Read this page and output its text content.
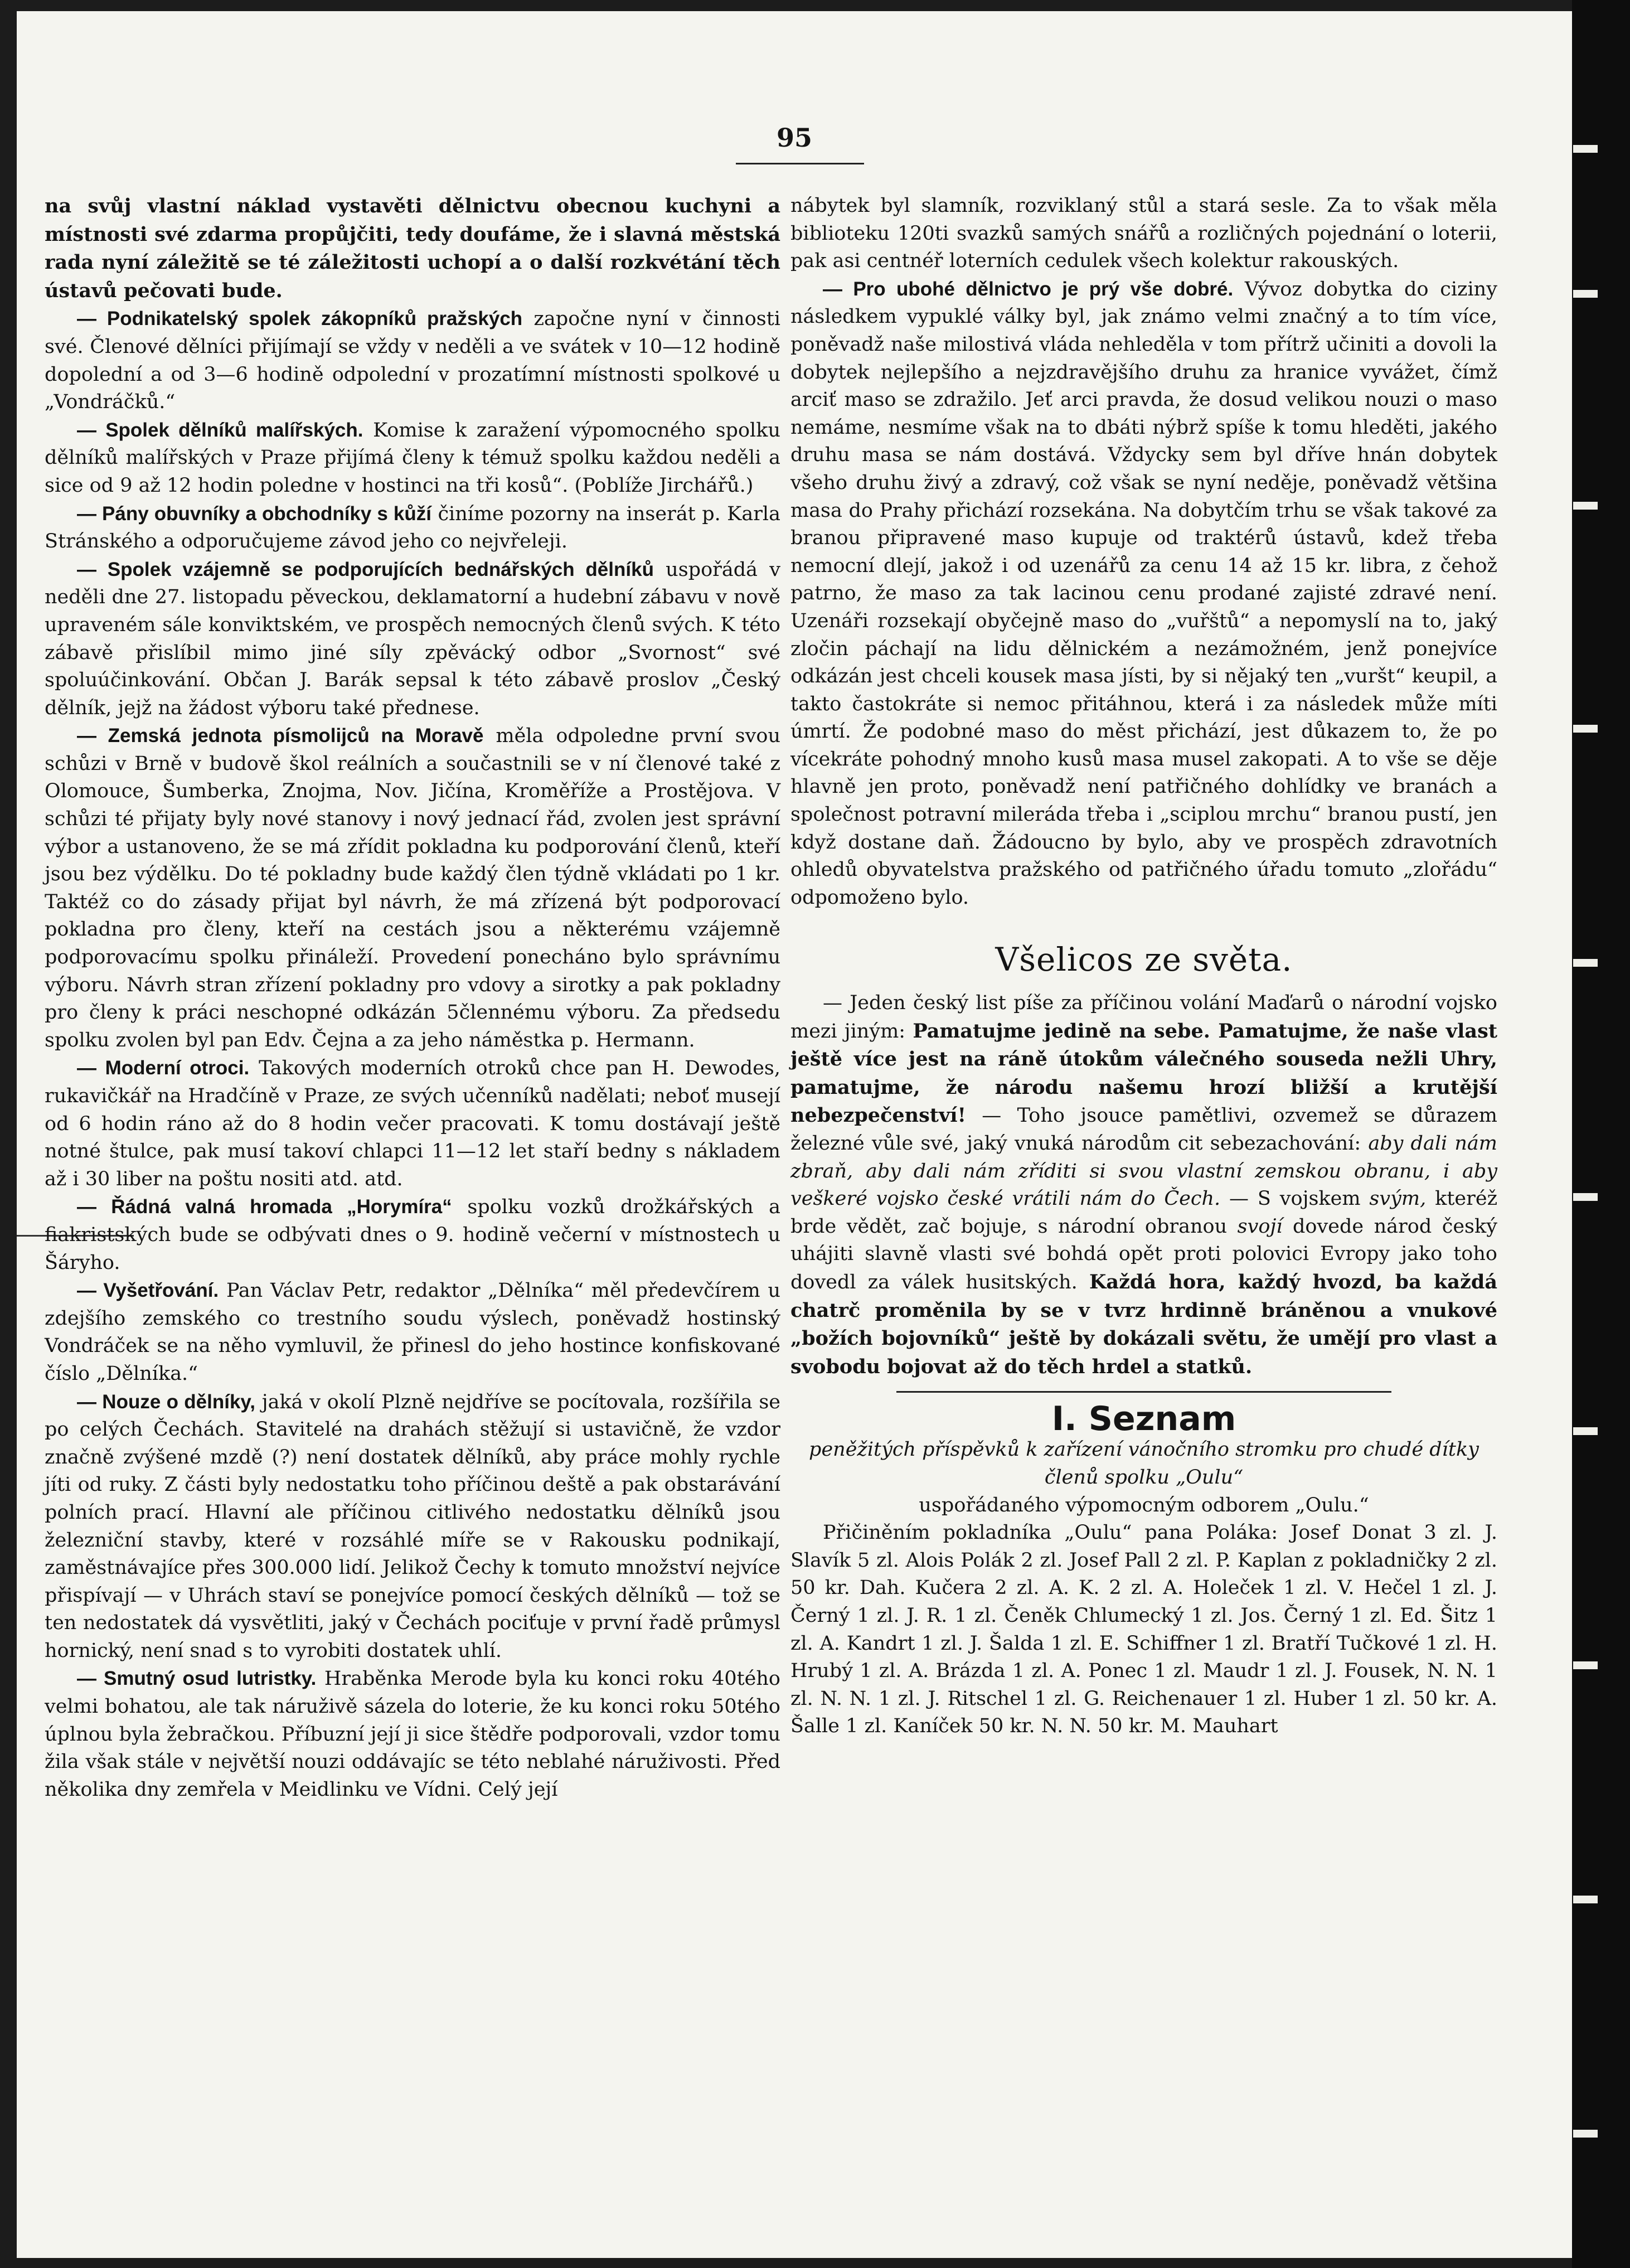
95

na svůj vlastní náklad vystavěti dělnictvu obecnou kuchyni a místnosti své zdarma propůjčiti, tedy doufáme, že i slavná městská rada nyní záležitě se té záležitosti uchopí a o další rozkvétání těch ústavů pečovati bude.

— Podnikatelský spolek zákopníků pražských započne nyní v činnosti své. Členové dělníci přijímají se vždy v neděli a ve svátek v 10—12 hodině dopolední a od 3—6 hodině odpolední v prozatímní místnosti spolkové u „Vondráčků.“

— Spolek dělníků malířských. Komise k zaražení výpomocného spolku dělníků malířských v Praze přijímá členy k témuž spolku každou neděli a sice od 9 až 12 hodin poledne v hostinci na tři kosů“. (Poblíže Jirchářů.)

— Pány obuvníky a obchodníky s kůží činíme pozorny na inserát p. Karla Stránského a odporučujeme závod jeho co nejvřeleji.

— Spolek vzájemně se podporujících bednářských dělníků uspořádá v neděli dne 27. listopadu pěveckou, deklamatorní a hudební zábavu v nově upraveném sále konviktském, ve prospěch nemocných členů svých. K této zábavě přislíbil mimo jiné síly zpěvácký odbor „Svornost“ své spoluúčinkování. Občan J. Barák sepsal k této zábavě proslov „Český dělník, jejž na žádost výboru také přednese.

— Zemská jednota písmolijců na Moravě měla odpoledne první svou schůzi v Brně v budově škol reálních a součastnili se v ní členové také z Olomouce, Šumberka, Znojma, Nov. Jičína, Kroměříže a Prostějova. V schůzi té přijaty byly nové stanovy i nový jednací řád, zvolen jest správní výbor a ustanoveno, že se má zřídit pokladna ku podporování členů, kteří jsou bez výdělku. Do té pokladny bude každý člen týdně vkládati po 1 kr. Taktéž co do zásady přijat byl návrh, že má zřízená být podporovací pokladna pro členy, kteří na cestách jsou a některému vzájemně podporovacímu spolku přináleží. Provedení ponecháno bylo správnímu výboru. Návrh stran zřízení pokladny pro vdovy a sirotky a pak pokladny pro členy k práci neschopné odkázán 5člennému výboru. Za předsedu spolku zvolen byl pan Edv. Čejna a za jeho náměstka p. Hermann.

— Moderní otroci. Takových moderních otroků chce pan H. Dewodes, rukavičkář na Hradčíně v Praze, ze svých učenníků nadělati; neboť musejí od 6 hodin ráno až do 8 hodin večer pracovati. K tomu dostávají ještě notné štulce, pak musí takoví chlapci 11—12 let staří bedny s nákladem až i 30 liber na poštu nositi atd. atd.

— Řádná valná hromada „Horymíra“ spolku vozků drožkářských a fiakristských bude se odbývati dnes o 9. hodině večerní v místnostech u Šáryho.

— Vyšetřování. Pan Václav Petr, redaktor „Dělníka“ měl předevčírem u zdejšího zemského co trestního soudu výslech, poněvadž hostinský Vondráček se na něho vymluvil, že přinesl do jeho hostince konfiskované číslo „Dělníka.“

— Nouze o dělníky, jaká v okolí Plzně nejdříve se pocítovala, rozšířila se po celých Čechách. Stavitelé na drahách stěžují si ustavičně, že vzdor značně zvýšené mzdě (?) není dostatek dělníků, aby práce mohly rychle jíti od ruky. Z části byly nedostatku toho příčinou deště a pak obstarávání polních prací. Hlavní ale příčinou citlivého nedostatku dělníků jsou železniční stavby, které v rozsáhlé míře se v Rakousku podnikají, zaměstnávajíce přes 300.000 lidí. Jelikož Čechy k tomuto množství nejvíce přispívají — v Uhrách staví se ponejvíce pomocí českých dělníků — tož se ten nedostatek dá vysvětliti, jaký v Čechách pociťuje v první řadě průmysl hornický, není snad s to vyrobiti dostatek uhlí.

— Smutný osud lutristky. Hraběnka Merode byla ku konci roku 40tého velmi bohatou, ale tak náruživě sázela do loterie, že ku konci roku 50tého úplnou byla žebračkou. Příbuzní její ji sice štědře podporovali, vzdor tomu žila však stále v největší nouzi oddávajíc se této neblahé náruživosti. Před několika dny zemřela v Meidlinku ve Vídni. Celý její

nábytek byl slamník, rozviklaný stůl a stará sesle. Za to však měla biblioteku 120ti svazků samých snářů a rozličných pojednání o loterii, pak asi centnéř loterních cedulek všech kolektur rakouských.

— Pro ubohé dělnictvo je prý vše dobré. Vývoz dobytka do ciziny následkem vypuklé války byl, jak známo velmi značný a to tím více, poněvadž naše milostivá vláda nehleděla v tom přítrž učiniti a dovoli la dobytek nejlepšího a nejzdravějšího druhu za hranice vyvážet, čímž arciť maso se zdražilo. Jeť arci pravda, že dosud velikou nouzi o maso nemáme, nesmíme však na to dbáti nýbrž spíše k tomu hleděti, jakého druhu masa se nám dostává. Vždycky sem byl dříve hnán dobytek všeho druhu živý a zdravý, což však se nyní neděje, poněvadž většina masa do Prahy přichází rozsekána. Na dobytčím trhu se však takové za branou připravené maso kupuje od traktérů ústavů, kdež třeba nemocní dlejí, jakož i od uzenářů za cenu 14 až 15 kr. libra, z čehož patrno, že maso za tak lacinou cenu prodané zajisté zdravé není. Uzenáři rozsekají obyčejně maso do „vuřštů“ a nepomyslí na to, jaký zločin páchají na lidu dělnickém a nezámožném, jenž ponejvíce odkázán jest chceli kousek masa jísti, by si nějaký ten „vuršt“ keupil, a takto častokráte si nemoc přitáhnou, která i za následek může míti úmrtí. Že podobné maso do měst přichází, jest důkazem to, že po vícekráte pohodný mnoho kusů masa musel zakopati. A to vše se děje hlavně jen proto, poněvadž není patřičného dohlídky ve branách a společnost potravní milerádа třeba i „sciplou mrchu“ branou pustí, jen když dostane daň. Žádoucno by bylo, aby ve prospěch zdravotních ohledů obyvatelstva pražského od patřičného úřadu tomuto „zlořádu“ odpomoženo bylo.

Všelicos ze světa.

— Jeden český list píše za příčinou volání Maďarů o národní vojsko mezi jiným: Pamatujme jedině na sebe. Pamatujme, že naše vlast ještě více jest na ráně útokům válečného souseda nežli Uhry, pamatujme, že národu našemu hrozí bližší a krutější nebezpečenství! — Toho jsouce pamětlivi, ozvemež se důrazem železné vůle své, jaký vnuká národům cit sebezachování: aby dali nám zbraň, aby dali nám zříditi si svou vlastní zemskou obranu, i aby veškeré vojsko české vrátili nám do Čech. — S vojskem svým, kteréž brde vědět, zač bojuje, s národní obranou svojí dovede národ český uhájiti slavně vlasti své bohdá opět proti polovici Evropy jako toho dovedl za válek husitských. Každá hora, každý hvozd, ba každá chatrč proměnila by se v tvrz hrdinně bráněnou a vnukové „božích bojovníků“ ještě by dokázali světu, že umějí pro vlast a svobodu bojovat až do těch hrdel a statků.

I. Seznam

peněžitých příspěvků k zařízení vánočního stromku pro chudé dítky členů spolku „Oulu“

uspořádaného výpomocným odborem „Oulu.“

Přičiněním pokladníka „Oulu“ pana Poláka: Josef Donat 3 zl. J. Slavík 5 zl. Alois Polák 2 zl. Josef Pall 2 zl. P. Kaplan z pokladničky 2 zl. 50 kr. Dah. Kučera 2 zl. A. K. 2 zl. A. Holeček 1 zl. V. Hečel 1 zl. J. Černý 1 zl. J. R. 1 zl. Čeněk Chlumecký 1 zl. Jos. Černý 1 zl. Ed. Šitz 1 zl. A. Kandrt 1 zl. J. Šalda 1 zl. E. Schiffner 1 zl. Bratří Tučkové 1 zl. H. Hrubý 1 zl. A. Brázda 1 zl. A. Ponec 1 zl. Maudr 1 zl. J. Fousek, N. N. 1 zl. N. N. 1 zl. J. Ritschel 1 zl. G. Reichenauer 1 zl. Huber 1 zl. 50 kr. A. Šalle 1 zl. Kaníček 50 kr. N. N. 50 kr. M. Mauhart
